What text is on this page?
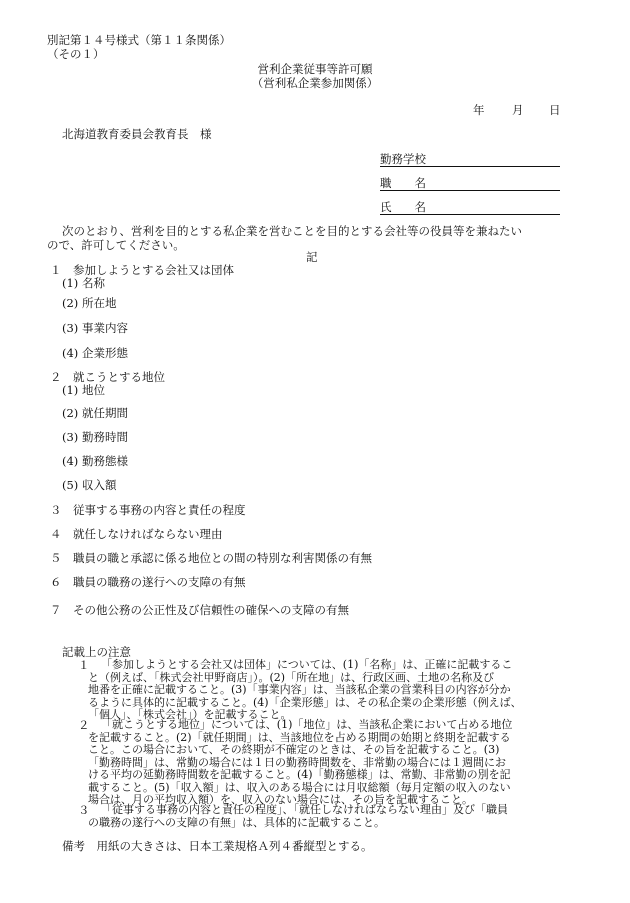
別記第１４号様式（第１１条関係）
（その１）
営利企業従事等許可願
（営利私企業参加関係）
年 月 日
北海道教育委員会教育長　様
勤務学校
職　　名
氏　　名
次のとおり、営利を目的とする私企業を営むことを目的とする会社等の役員等を兼ねたい
ので、許可してください。
記
１　参加しようとする会社又は団体
(1) 名称
(2) 所在地
(3) 事業内容
(4) 企業形態
２　就こうとする地位
(1) 地位
(2) 就任期間
(3) 勤務時間
(4) 勤務態様
(5) 収入額
３　従事する事務の内容と責任の程度
４　就任しなければならない理由
５　職員の職と承認に係る地位との間の特別な利害関係の有無
６　職員の職務の遂行への支障の有無
７　その他公務の公正性及び信頼性の確保への支障の有無
記載上の注意
１ 「参加しようとする会社又は団体」については、(1)「名称」は、正確に記載するこ
と（例えば、「株式会社甲野商店」）。(2)「所在地」は、行政区画、土地の名称及び
地番を正確に記載すること。(3)「事業内容」は、当該私企業の営業科目の内容が分か
るように具体的に記載すること。(4)「企業形態」は、その私企業の企業形態（例えば、
「個人」、「株式会社」）を記載すること。
２ 「就こうとする地位」については、(1)「地位」は、当該私企業において占める地位
を記載すること。(2)「就任期間」は、当該地位を占める期間の始期と終期を記載する
こと。この場合において、その終期が不確定のときは、その旨を記載すること。(3)
「勤務時間」は、常勤の場合には１日の勤務時間数を、非常勤の場合には１週間にお
ける平均の延勤務時間数を記載すること。(4)「勤務態様」は、常勤、非常勤の別を記
載すること。(5)「収入額」は、収入のある場合には月収総額（毎月定額の収入のない
場合は、月の平均収入額）を、収入のない場合には、その旨を記載すること。
３ 「従事する事務の内容と責任の程度」、「就任しなければならない理由」及び「職員
の職務の遂行への支障の有無」は、具体的に記載すること。
備考　用紙の大きさは、日本工業規格Ａ列４番縦型とする。
